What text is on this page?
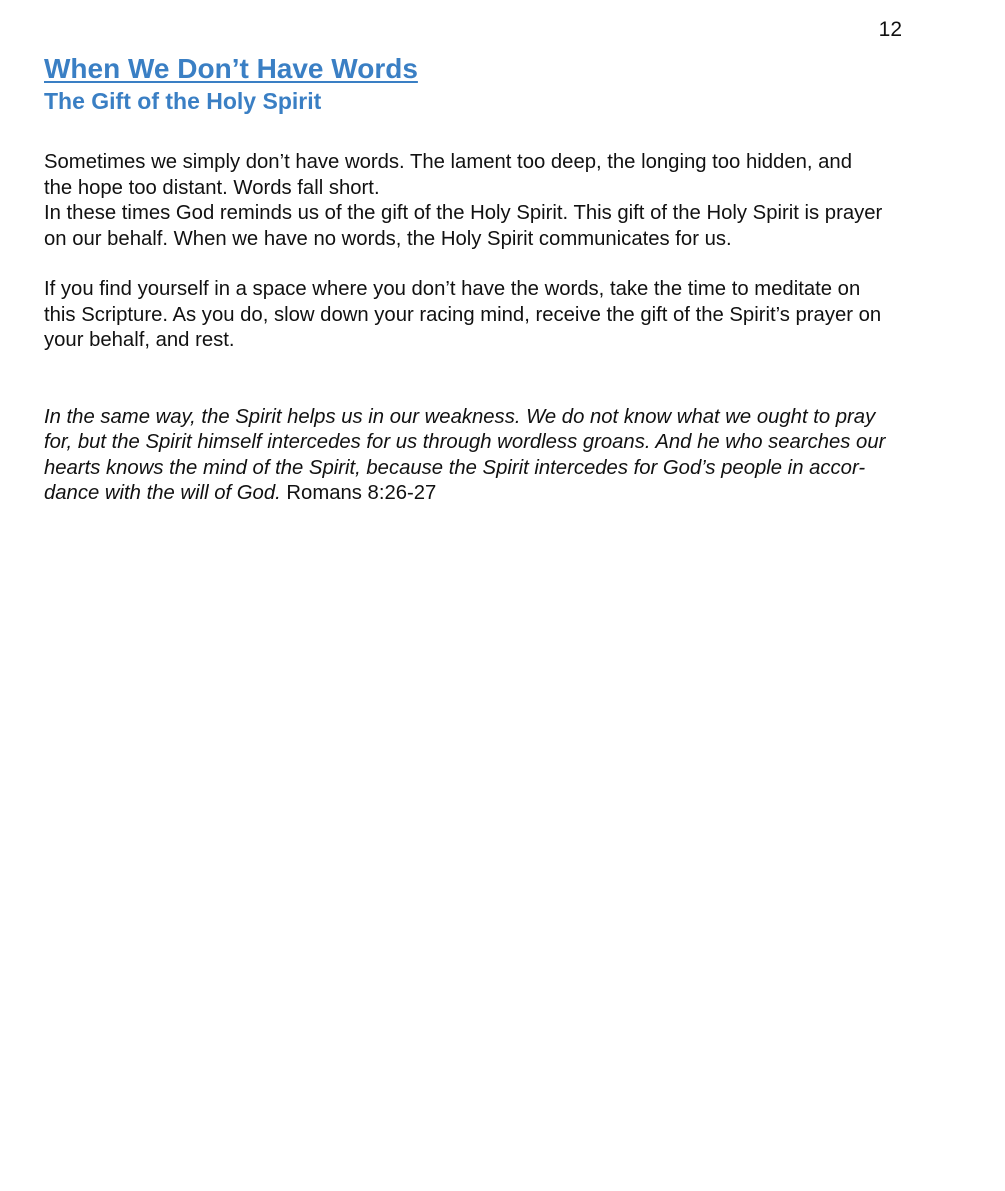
12
When We Don’t Have Words
The Gift of the Holy Spirit

Sometimes we simply don’t have words. The lament too deep, the longing too hidden, and

the hope too distant. Words fall short.

In these times God reminds us of the gift of the Holy Spirit. This gift of the Holy Spirit is prayer

on our behalf. When we have no words, the Holy Spirit communicates for us.

If you find yourself in a space where you don’t have the words, take the time to meditate on

this Scripture. As you do, slow down your racing mind, receive the gift of the Spirit’s prayer on

your behalf, and rest.

In the same way, the Spirit helps us in our weakness. We do not know what we ought to pray

for, but the Spirit himself intercedes for us through wordless groans. And he who searches our

hearts knows the mind of the Spirit, because the Spirit intercedes for God’s people in accor-

dance with the will of God. Romans 8:26-27
